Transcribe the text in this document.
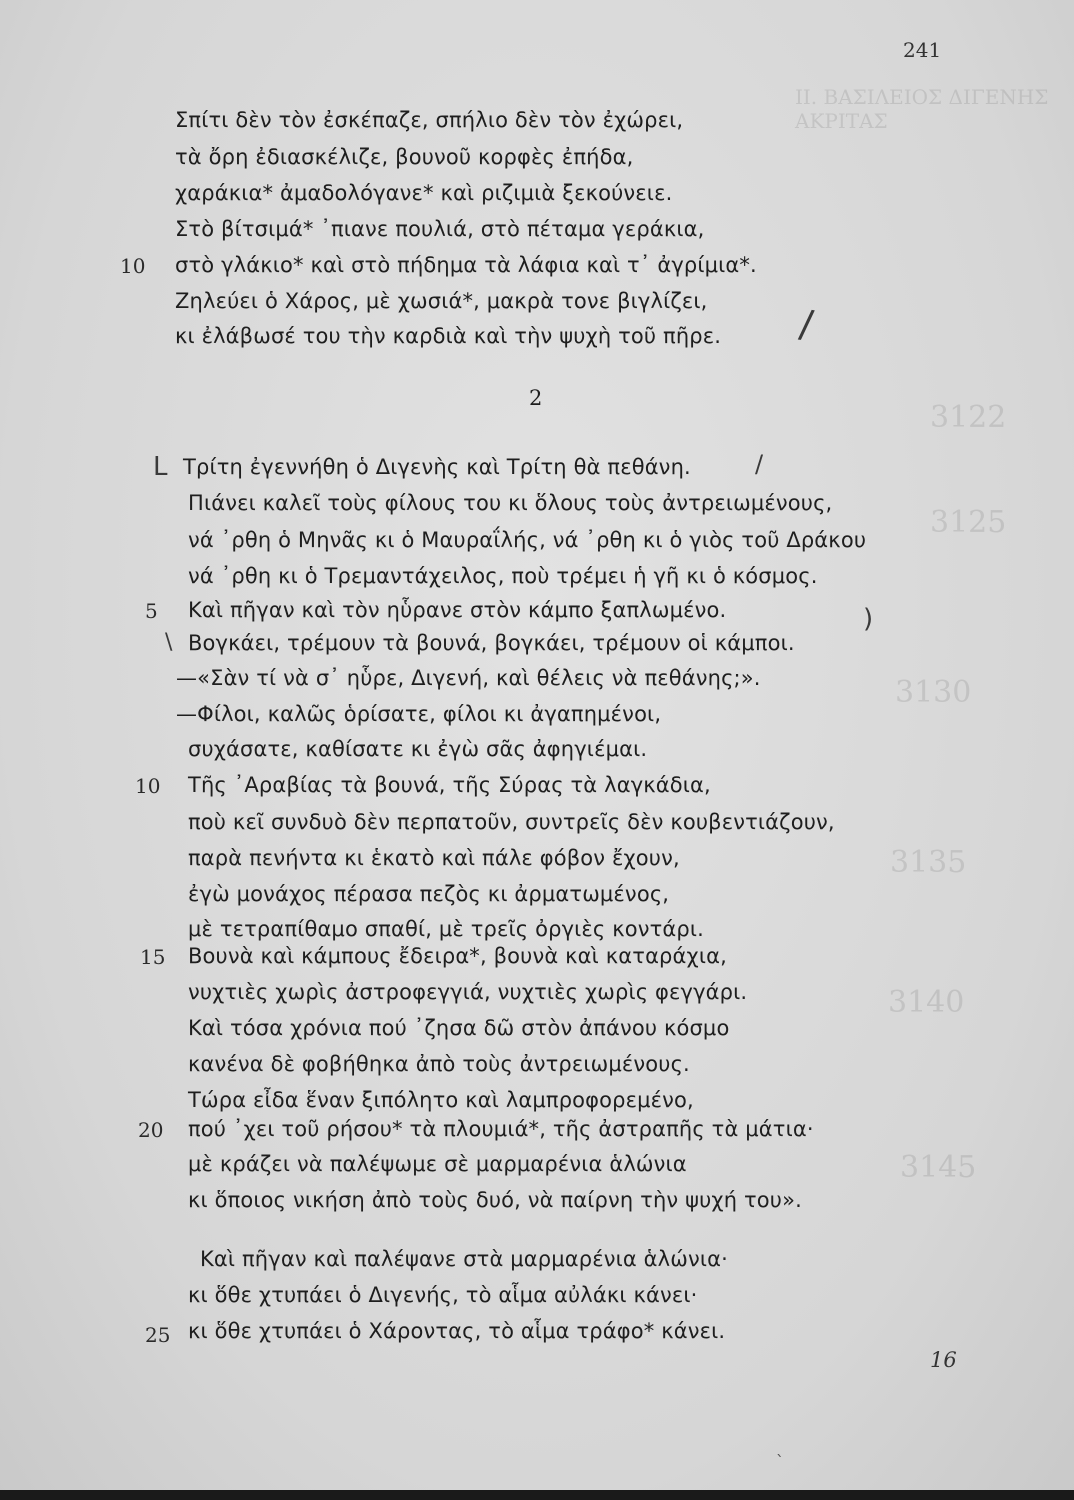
II. ΒΑΣΙΛΕΙΟΣ ΔΙΓΕΝΗΣ ΑΚΡΙΤΑΣ
3122
3125
3130
3135
3140
3145
241
Σπίτι δὲν τὸν ἐσκέπαζε, σπήλιο δὲν τὸν ἐχώρει,
τὰ ὄρη ἐδιασκέλιζε, βουνοῦ κορφὲς ἐπήδα,
χαράκια* ἀμαδολόγανε* καὶ ριζιμιὰ ξεκούνειε.
Στὸ βίτσιμά* ᾽πιανε πουλιά, στὸ πέταμα γεράκια,
10 στὸ γλάκιο* καὶ στὸ πήδημα τὰ λάφια καὶ τ᾽ ἀγρίμια*.
Ζηλεύει ὁ Χάρος, μὲ χωσιά*, μακρὰ τονε βιγλίζει,
κι ἐλάβωσέ του τὴν καρδιὰ καὶ τὴν ψυχὴ τοῦ πῆρε. /
2
L Τρίτη ἐγεννήθη ὁ Διγενὴς καὶ Τρίτη θὰ πεθάνη.	/
Πιάνει καλεῖ τοὺς φίλους του κι ὅλους τοὺς ἀντρειωμένους,
νά ᾽ρθη ὁ Μηνᾶς κι ὁ Μαυραΐλής, νά ᾽ρθη κι ὁ γιὸς τοῦ Δράκου
νά ᾽ρθη κι ὁ Τρεμαντάχειλος, ποὺ τρέμει ἡ γῆ κι ὁ κόσμος.
5 Καὶ πῆγαν καὶ τὸν ηὗρανε στὸν κάμπο ξαπλωμένο.	)
\ Βογκάει, τρέμουν τὰ βουνά, βογκάει, τρέμουν οἱ κάμποι.
—«Σὰν τί νὰ σ᾽ ηὗρε, Διγενή, καὶ θέλεις νὰ πεθάνης;».
—Φίλοι, καλῶς ὁρίσατε, φίλοι κι ἀγαπημένοι,
συχάσατε, καθίσατε κι ἐγὼ σᾶς ἀφηγιέμαι.
10 Τῆς ᾽Αραβίας τὰ βουνά, τῆς Σύρας τὰ λαγκάδια,
ποὺ κεῖ συνδυὸ δὲν περπατοῦν, συντρεῖς δὲν κουβεντιάζουν,
παρὰ πενήντα κι ἑκατὸ καὶ πάλε φόβον ἔχουν,
ἐγὼ μονάχος πέρασα πεζὸς κι ἀρματωμένος,
μὲ τετραπίθαμο σπαθί, μὲ τρεῖς ὀργιὲς κοντάρι.
15 Βουνὰ καὶ κάμπους ἔδειρα*, βουνὰ καὶ καταράχια,
νυχτιὲς χωρὶς ἀστροφεγγιά, νυχτιὲς χωρὶς φεγγάρι.
Καὶ τόσα χρόνια πού ᾽ζησα δῶ στὸν ἀπάνου κόσμο
κανένα δὲ φοβήθηκα ἀπὸ τοὺς ἀντρειωμένους.
Τώρα εἶδα ἕναν ξιπόλητο καὶ λαμπροφορεμένο,
20 πού ᾽χει τοῦ ρήσου* τὰ πλουμιά*, τῆς ἀστραπῆς τὰ μάτια·
μὲ κράζει νὰ παλέψωμε σὲ μαρμαρένια ἁλώνια
κι ὅποιος νικήση ἀπὸ τοὺς δυό, νὰ παίρνη τὴν ψυχή του».
Καὶ πῆγαν καὶ παλέψανε στὰ μαρμαρένια ἁλώνια·
κι ὅθε χτυπάει ὁ Διγενής, τὸ αἷμα αὐλάκι κάνει·
25 κι ὅθε χτυπάει ὁ Χάροντας, τὸ αἷμα τράφο* κάνει.
16
`
